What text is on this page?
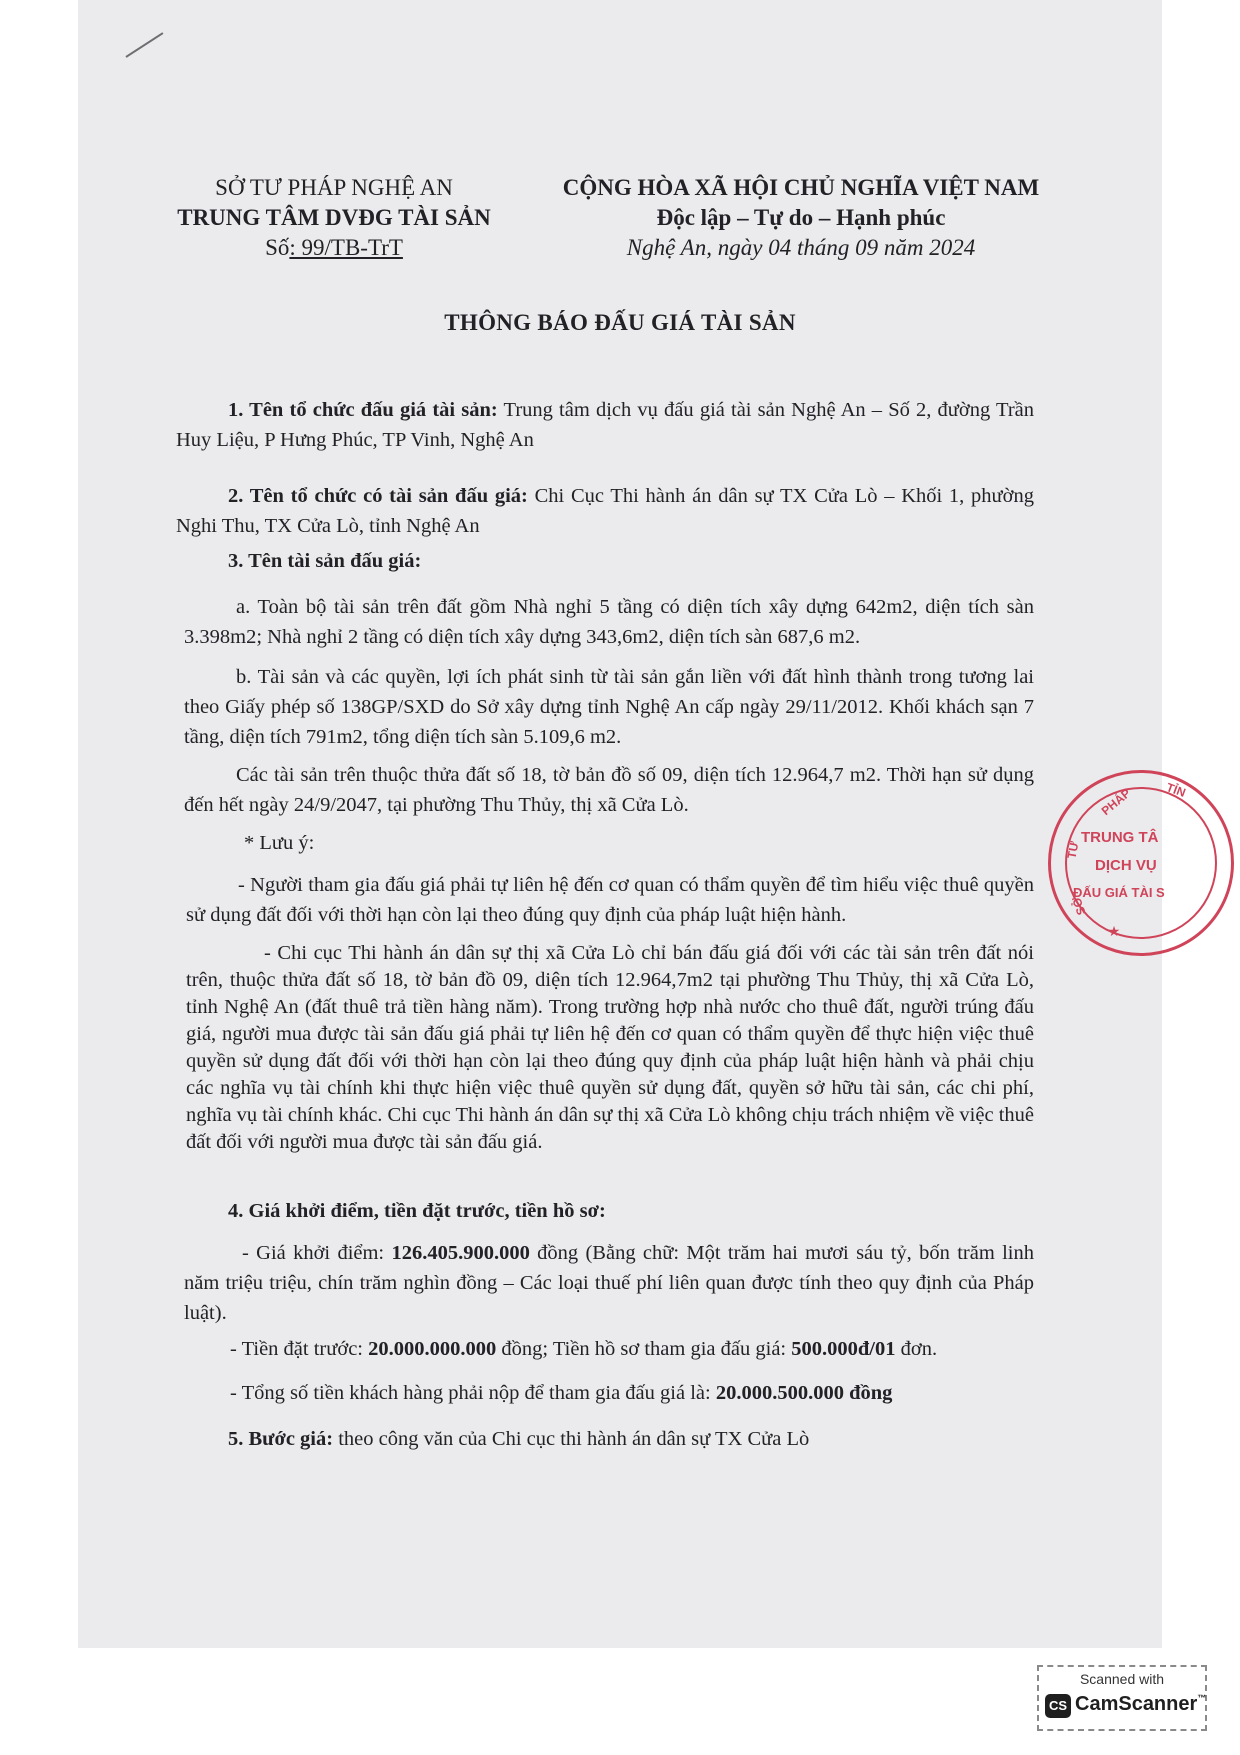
SỞ TƯ PHÁP NGHỆ AN
TRUNG TÂM DVĐG TÀI SẢN
Số: 99/TB-TrT
CỘNG HÒA XÃ HỘI CHỦ NGHĨA VIỆT NAM
Độc lập – Tự do – Hạnh phúc
Nghệ An, ngày 04 tháng 09 năm 2024
THÔNG BÁO ĐẤU GIÁ TÀI SẢN
1. Tên tổ chức đấu giá tài sản: Trung tâm dịch vụ đấu giá tài sản Nghệ An – Số 2, đường Trần Huy Liệu, P Hưng Phúc, TP Vinh, Nghệ An
2. Tên tổ chức có tài sản đấu giá: Chi Cục Thi hành án dân sự TX Cửa Lò – Khối 1, phường Nghi Thu, TX Cửa Lò, tỉnh Nghệ An
3. Tên tài sản đấu giá:
a. Toàn bộ tài sản trên đất gồm Nhà nghỉ 5 tầng có diện tích xây dựng 642m2, diện tích sàn 3.398m2; Nhà nghỉ 2 tầng có diện tích xây dựng 343,6m2, diện tích sàn 687,6 m2.
b. Tài sản và các quyền, lợi ích phát sinh từ tài sản gắn liền với đất hình thành trong tương lai theo Giấy phép số 138GP/SXD do Sở xây dựng tỉnh Nghệ An cấp ngày 29/11/2012. Khối khách sạn 7 tầng, diện tích 791m2, tổng diện tích sàn 5.109,6 m2.
Các tài sản trên thuộc thửa đất số 18, tờ bản đồ số 09, diện tích 12.964,7 m2. Thời hạn sử dụng đến hết ngày 24/9/2047, tại phường Thu Thủy, thị xã Cửa Lò.
* Lưu ý:
- Người tham gia đấu giá phải tự liên hệ đến cơ quan có thẩm quyền để tìm hiểu việc thuê quyền sử dụng đất đối với thời hạn còn lại theo đúng quy định của pháp luật hiện hành.
- Chi cục Thi hành án dân sự thị xã Cửa Lò chỉ bán đấu giá đối với các tài sản trên đất nói trên, thuộc thửa đất số 18, tờ bản đồ 09, diện tích 12.964,7m2 tại phường Thu Thủy, thị xã Cửa Lò, tỉnh Nghệ An (đất thuê trả tiền hàng năm). Trong trường hợp nhà nước cho thuê đất, người trúng đấu giá, người mua được tài sản đấu giá phải tự liên hệ đến cơ quan có thẩm quyền để thực hiện việc thuê quyền sử dụng đất đối với thời hạn còn lại theo đúng quy định của pháp luật hiện hành và phải chịu các nghĩa vụ tài chính khi thực hiện việc thuê quyền sử dụng đất, quyền sở hữu tài sản, các chi phí, nghĩa vụ tài chính khác. Chi cục Thi hành án dân sự thị xã Cửa Lò không chịu trách nhiệm về việc thuê đất đối với người mua được tài sản đấu giá.
4. Giá khởi điểm, tiền đặt trước, tiền hồ sơ:
- Giá khởi điểm: 126.405.900.000 đồng (Bằng chữ: Một trăm hai mươi sáu tỷ, bốn trăm linh năm triệu triệu, chín trăm nghìn đồng – Các loại thuế phí liên quan được tính theo quy định của Pháp luật).
- Tiền đặt trước: 20.000.000.000 đồng; Tiền hồ sơ tham gia đấu giá: 500.000đ/01 đơn.
- Tổng số tiền khách hàng phải nộp để tham gia đấu giá là: 20.000.500.000 đồng
5. Bước giá: theo công văn của Chi cục thi hành án dân sự TX Cửa Lò
PHÁP	TỈN
TƯ
SỞ
TRUNG TÂ
DỊCH VỤ
ĐẤU GIÁ TÀI S
★
Scanned with
CS CamScanner™
